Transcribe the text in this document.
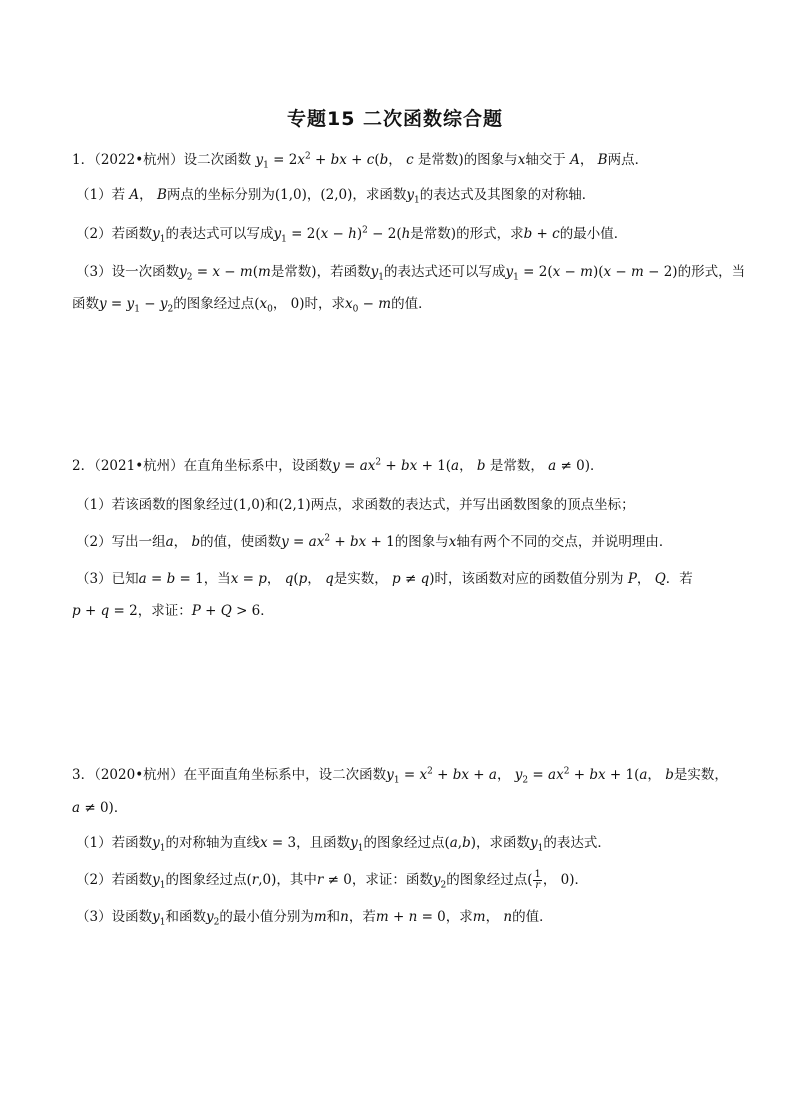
专题15 二次函数综合题
1．（2022•杭州）设二次函数 $y_1 = 2x^2$ + bx + c(b， c 是常数)的图象与x轴交于 A， B两点．
（1）若 A， B两点的坐标分别为(1,0)，(2,0)，求函数$y_1$的表达式及其图象的对称轴．
（2）若函数$y_1$的表达式可以写成$y_1 = 2(x - h)^2 - 2(h$是常数)的形式，求b + c的最小值．
（3）设一次函数$y_2 = x - m(m$是常数)，若函数$y_1$的表达式还可以写成$y_1 = 2(x - m)(x - m - 2)$的形式，当
函数$y = y_1 - y_2$的图象经过点($x_0$， 0)时，求$x_0 - m$的值．
2．（2021•杭州）在直角坐标系中，设函数$y = ax^2$ + bx + 1(a， b 是常数， a ≠ 0)．
（1）若该函数的图象经过(1,0)和(2,1)两点，求函数的表达式，并写出函数图象的顶点坐标；
（2）写出一组a， b的值，使函数$y = ax^2$ + bx + 1的图象与x轴有两个不同的交点，并说明理由．
（3）已知a = b = 1，当x = p， q(p， q是实数， p ≠ q)时，该函数对应的函数值分别为 P， Q．若
p + q = 2，求证：P + Q > 6．
3．（2020•杭州）在平面直角坐标系中，设二次函数$y_1 = x^2$ + bx + a， $y_2 = ax^2$ + bx + 1(a， b是实数，
a ≠ 0)．
（1）若函数$y_1$的对称轴为直线x = 3，且函数$y_1$的图象经过点(a,b)，求函数$y_1$的表达式．
（2）若函数$y_1$的图象经过点(r,0)，其中r ≠ 0，求证：函数$y_2$的图象经过点( $\frac{1}{r}$ ， 0)．
（3）设函数$y_1$和函数$y_2$的最小值分别为m和n，若m + n = 0，求m， n的值．
